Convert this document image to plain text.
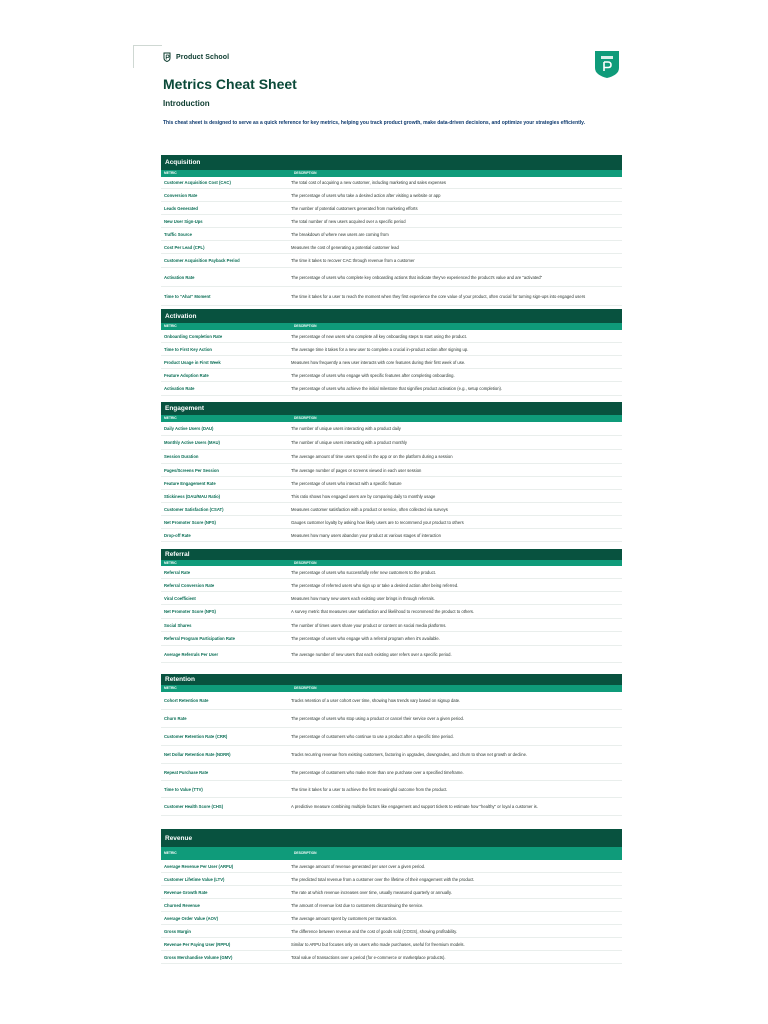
Product School
Metrics Cheat Sheet
Introduction
This cheat sheet is designed to serve as a quick reference for key metrics, helping you track product growth, make data-driven decisions, and optimize your strategies efficiently.
Acquisition
METRIC	DESCRIPTION
Customer Acquisition Cost (CAC)	The total cost of acquiring a new customer, including marketing and sales expenses
Conversion Rate	The percentage of users who take a desired action after visiting a website or app
Leads Generated	The number of potential customers generated from marketing efforts
New User Sign-Ups	The total number of new users acquired over a specific period
Traffic Source	The breakdown of where new users are coming from
Cost Per Lead (CPL)	Measures the cost of generating a potential customer lead
Customer Acquisition Payback Period	The time it takes to recover CAC through revenue from a customer
Activation Rate	The percentage of users who complete key onboarding actions that indicate they've experienced the product's value and are "activated"
Time to "Aha!" Moment	The time it takes for a user to reach the moment when they first experience the core value of your product, often crucial for turning sign-ups into engaged users
Activation
METRIC	DESCRIPTION
Onboarding Completion Rate	The percentage of new users who complete all key onboarding steps to start using the product.
Time to First Key Action	The average time it takes for a new user to complete a crucial in-product action after signing up.
Product Usage in First Week	Measures how frequently a new user interacts with core features during their first week of use.
Feature Adoption Rate	The percentage of users who engage with specific features after completing onboarding.
Activation Rate	The percentage of users who achieve the initial milestone that signifies product activation (e.g., setup completion).
Engagement
METRIC	DESCRIPTION
Daily Active Users (DAU)	The number of unique users interacting with a product daily
Monthly Active Users (MAU)	The number of unique users interacting with a product monthly
Session Duration	The average amount of time users spend in the app or on the platform during a session
Pages/Screens Per Session	The average number of pages or screens viewed in each user session
Feature Engagement Rate	The percentage of users who interact with a specific feature
Stickiness (DAU/MAU Ratio)	This ratio shows how engaged users are by comparing daily to monthly usage
Customer Satisfaction (CSAT)	Measures customer satisfaction with a product or service, often collected via surveys
Net Promoter Score (NPS)	Gauges customer loyalty by asking how likely users are to recommend your product to others
Drop-off Rate	Measures how many users abandon your product at various stages of interaction
Referral
METRIC	DESCRIPTION
Referral Rate	The percentage of users who successfully refer new customers to the product.
Referral Conversion Rate	The percentage of referred users who sign up or take a desired action after being referred.
Viral Coefficient	Measures how many new users each existing user brings in through referrals.
Net Promoter Score (NPS)	A survey metric that measures user satisfaction and likelihood to recommend the product to others.
Social Shares	The number of times users share your product or content on social media platforms.
Referral Program Participation Rate	The percentage of users who engage with a referral program when it's available.
Average Referrals Per User	The average number of new users that each existing user refers over a specific period.
Retention
METRIC	DESCRIPTION
Cohort Retention Rate	Tracks retention of a user cohort over time, showing how trends vary based on signup date.
Churn Rate	The percentage of users who stop using a product or cancel their service over a given period.
Customer Retention Rate (CRR)	The percentage of customers who continue to use a product after a specific time period.
Net Dollar Retention Rate (NDRR)	Tracks recurring revenue from existing customers, factoring in upgrades, downgrades, and churn to show net growth or decline.
Repeat Purchase Rate	The percentage of customers who make more than one purchase over a specified timeframe.
Time to Value (TTV)	The time it takes for a user to achieve the first meaningful outcome from the product.
Customer Health Score (CHS)	A predictive measure combining multiple factors like engagement and support tickets to estimate how "healthy" or loyal a customer is.
Revenue
METRIC	DESCRIPTION
Average Revenue Per User (ARPU)	The average amount of revenue generated per user over a given period.
Customer Lifetime Value (LTV)	The predicted total revenue from a customer over the lifetime of their engagement with the product.
Revenue Growth Rate	The rate at which revenue increases over time, usually measured quarterly or annually.
Churned Revenue	The amount of revenue lost due to customers discontinuing the service.
Average Order Value (AOV)	The average amount spent by customers per transaction.
Gross Margin	The difference between revenue and the cost of goods sold (COGS), showing profitability.
Revenue Per Paying User (RPPU)	Similar to ARPU but focuses only on users who made purchases, useful for freemium models.
Gross Merchandise Volume (GMV)	Total value of transactions over a period (for e-commerce or marketplace products).
